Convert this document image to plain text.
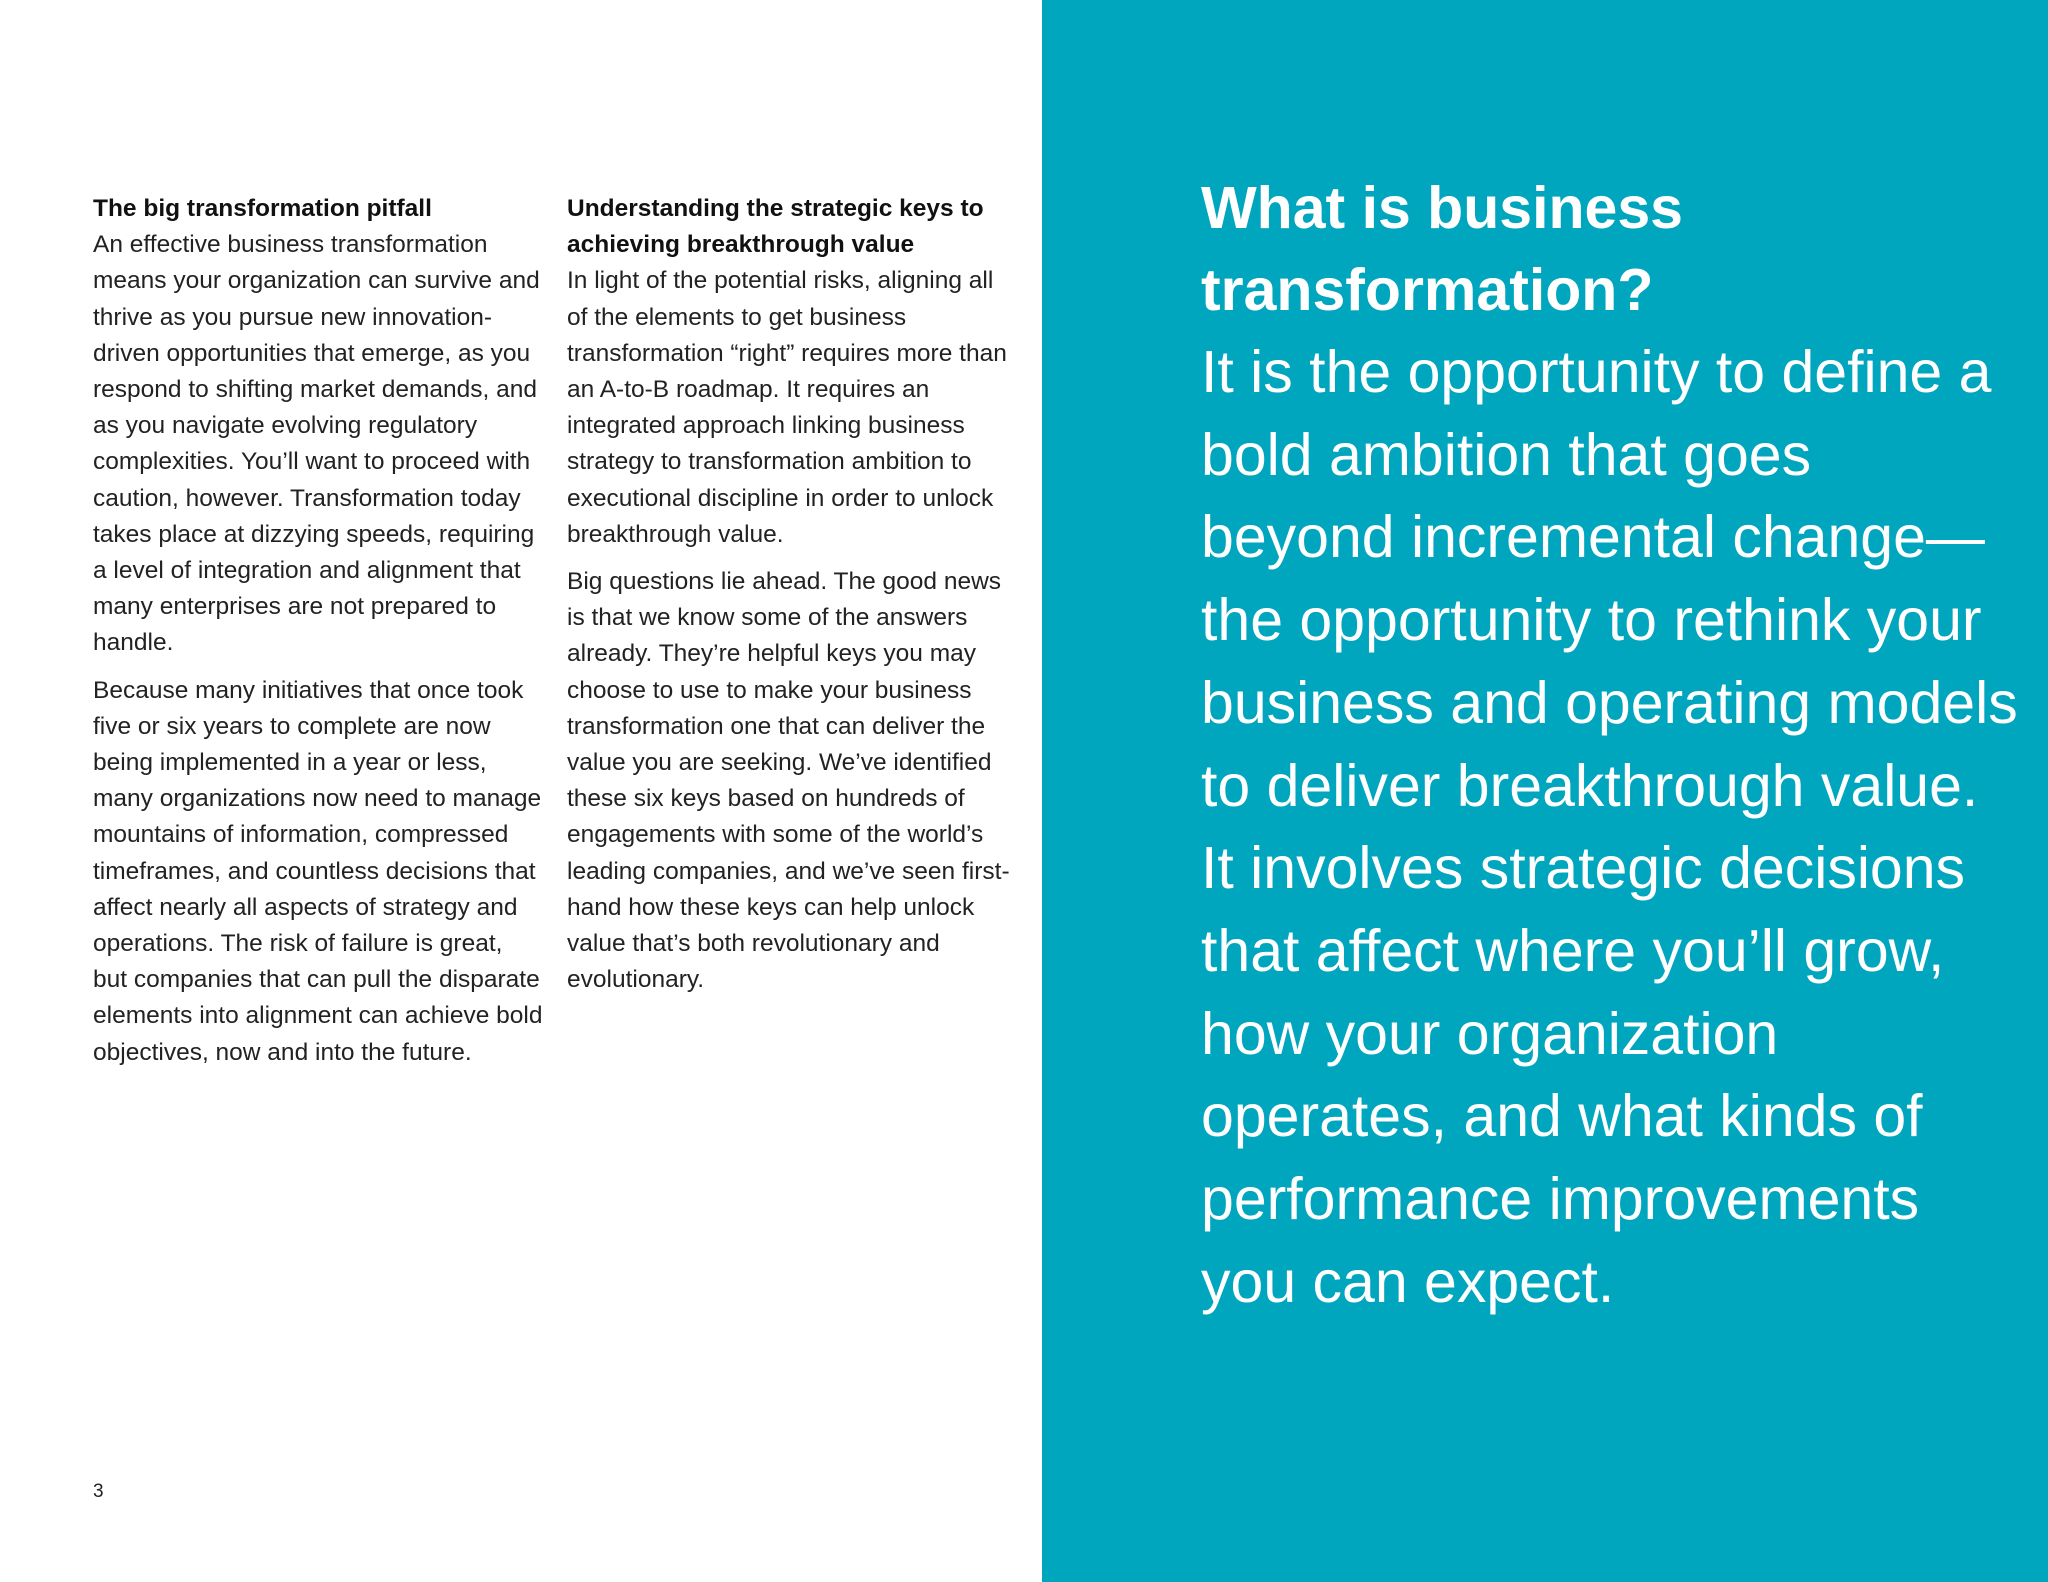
The big transformation pitfall

An effective business transformation means your organization can survive and thrive as you pursue new innovation-driven opportunities that emerge, as you respond to shifting market demands, and as you navigate evolving regulatory complexities. You’ll want to proceed with caution, however. Transformation today takes place at dizzying speeds, requiring a level of integration and alignment that many enterprises are not prepared to handle.

Because many initiatives that once took five or six years to complete are now being implemented in a year or less, many organizations now need to manage mountains of information, compressed timeframes, and countless decisions that affect nearly all aspects of strategy and operations. The risk of failure is great, but companies that can pull the disparate elements into alignment can achieve bold objectives, now and into the future.

Understanding the strategic keys to achieving breakthrough value

In light of the potential risks, aligning all of the elements to get business transformation “right” requires more than an A-to-B roadmap. It requires an integrated approach linking business strategy to transformation ambition to executional discipline in order to unlock breakthrough value.

Big questions lie ahead. The good news is that we know some of the answers already. They’re helpful keys you may choose to use to make your business transformation one that can deliver the value you are seeking. We’ve identified these six keys based on hundreds of engagements with some of the world’s leading companies, and we’ve seen first-hand how these keys can help unlock value that’s both revolutionary and evolutionary.

3
What is business transformation?

It is the opportunity to define a bold ambition that goes beyond incremental change—the opportunity to rethink your business and operating models to deliver breakthrough value. It involves strategic decisions that affect where you’ll grow, how your organization operates, and what kinds of performance improvements you can expect.
